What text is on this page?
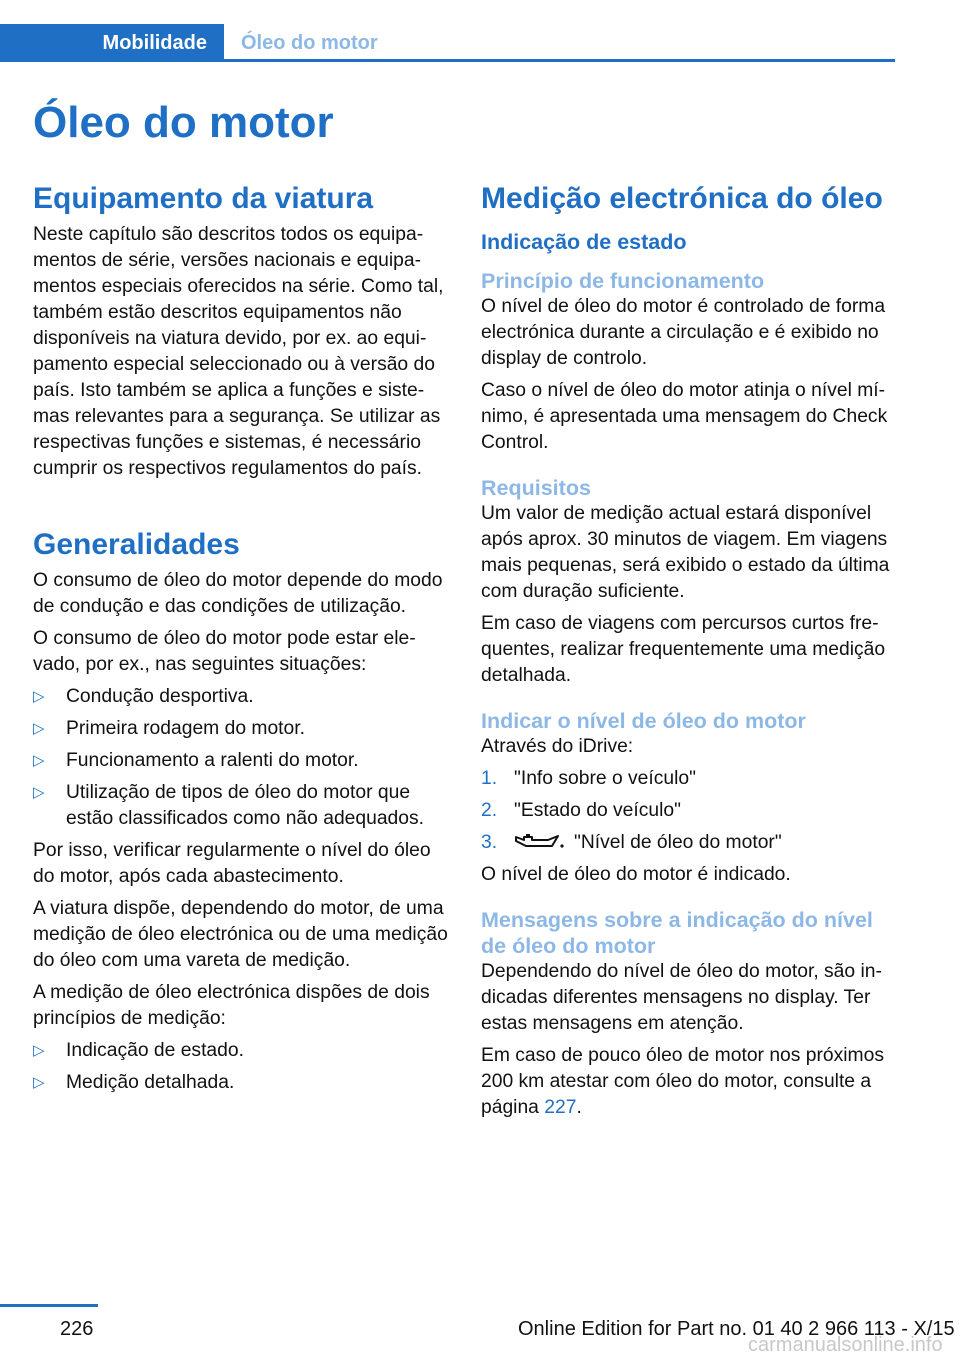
Mobilidade	Óleo do motor
Óleo do motor
Equipamento da viatura

Neste capítulo são descritos todos os equipamentos de série, versões nacionais e equipamentos especiais oferecidos na série. Como tal, também estão descritos equipamentos não disponíveis na viatura devido, por ex. ao equipamento especial seleccionado ou à versão do país. Isto também se aplica a funções e sistemas relevantes para a segurança. Se utilizar as respectivas funções e sistemas, é necessário cumprir os respectivos regulamentos do país.

Generalidades

O consumo de óleo do motor depende do modo de condução e das condições de utilização.

O consumo de óleo do motor pode estar elevado, por ex., nas seguintes situações:

▷ Condução desportiva.
▷ Primeira rodagem do motor.
▷ Funcionamento a ralenti do motor.
▷ Utilização de tipos de óleo do motor que estão classificados como não adequados.

Por isso, verificar regularmente o nível do óleo do motor, após cada abastecimento.

A viatura dispõe, dependendo do motor, de uma medição de óleo electrónica ou de uma medição do óleo com uma vareta de medição.

A medição de óleo electrónica dispões de dois princípios de medição:

▷ Indicação de estado.
▷ Medição detalhada.
Medição electrónica do óleo
Indicação de estado
Princípio de funcionamento

O nível de óleo do motor é controlado de forma electrónica durante a circulação e é exibido no display de controlo.

Caso o nível de óleo do motor atinja o nível mínimo, é apresentada uma mensagem do Check Control.

Requisitos

Um valor de medição actual estará disponível após aprox. 30 minutos de viagem. Em viagens mais pequenas, será exibido o estado da última com duração suficiente.

Em caso de viagens com percursos curtos frequentes, realizar frequentemente uma medição detalhada.

Indicar o nível de óleo do motor

Através do iDrive:

1. "Info sobre o veículo"
2. "Estado do veículo"
3.	"Nível de óleo do motor"

O nível de óleo do motor é indicado.

Mensagens sobre a indicação do nível de óleo do motor

Dependendo do nível de óleo do motor, são indicadas diferentes mensagens no display. Ter estas mensagens em atenção.

Em caso de pouco óleo de motor nos próximos 200 km atestar com óleo do motor, consulte a página 227.

226	Online Edition for Part no. 01 40 2 966 113 - X/15
carmanualsonline.info
